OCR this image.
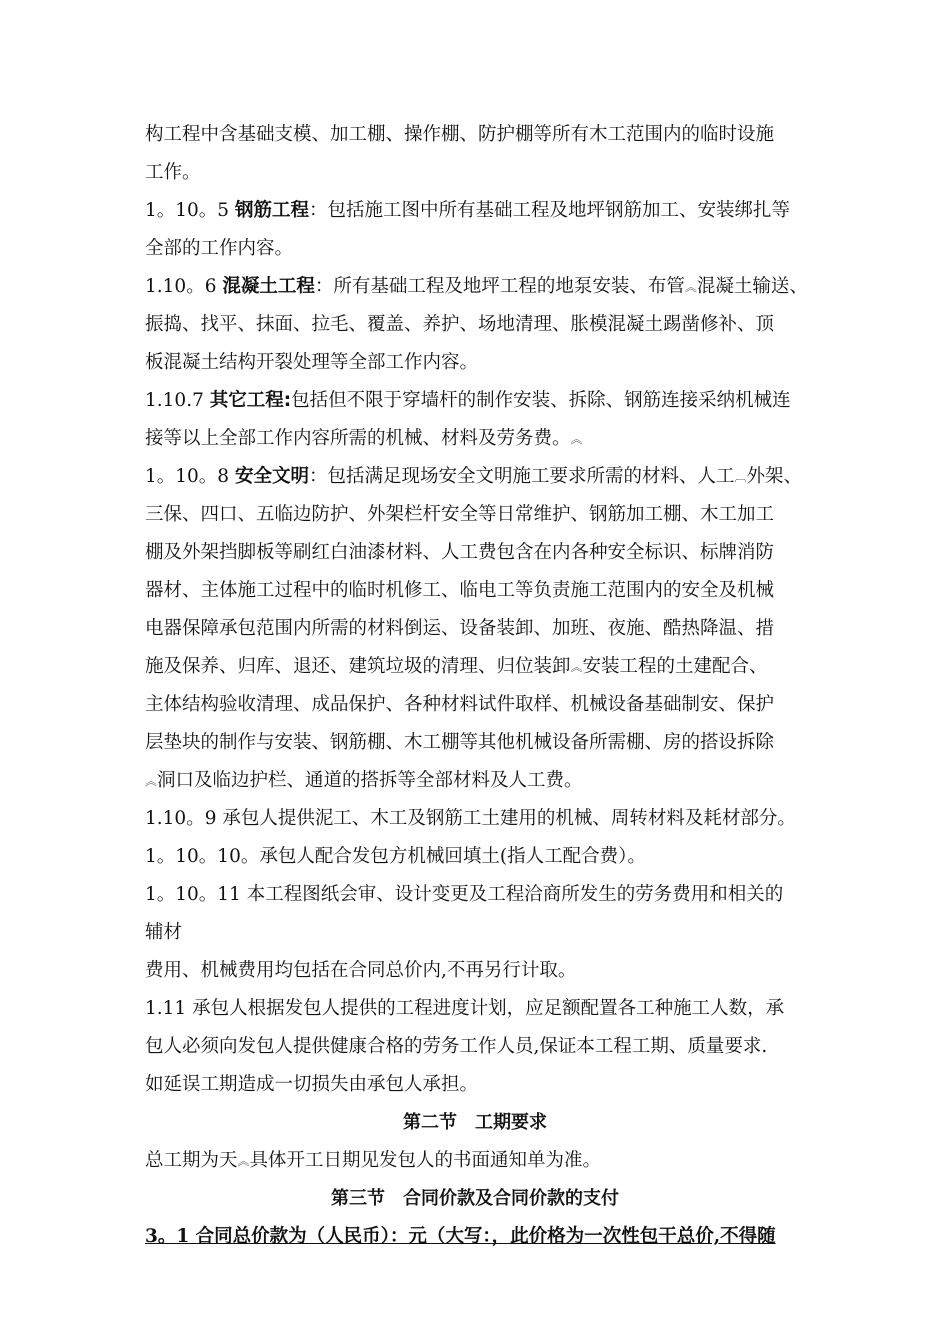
构工程中含基础支模、加工棚、操作棚、防护棚等所有木工范围内的临时设施
工作。
1。10。5 钢筋工程：包括施工图中所有基础工程及地坪钢筋加工、安装绑扎等
全部的工作内容。
1.10。6 混凝土工程：所有基础工程及地坪工程的地泵安装、布管︽混凝土输送、
振捣、找平、抹面、拉毛、覆盖、养护、场地清理、胀模混凝土踢凿修补、顶
板混凝土结构开裂处理等全部工作内容。
1.10.7 其它工程:包括但不限于穿墙杆的制作安装、拆除、钢筋连接采纳机械连
接等以上全部工作内容所需的机械、材料及劳务费。︽
1。10。8 安全文明：包括满足现场安全文明施工要求所需的材料、人工︹外架、
三保、四口、五临边防护、外架栏杆安全等日常维护、钢筋加工棚、木工加工
棚及外架挡脚板等刷红白油漆材料、人工费包含在内各种安全标识、标牌消防
器材、主体施工过程中的临时机修工、临电工等负责施工范围内的安全及机械
电器保障承包范围内所需的材料倒运、设备装卸、加班、夜施、酷热降温、措
施及保养、归库、退还、建筑垃圾的清理、归位装卸︽安装工程的土建配合、
主体结构验收清理、成品保护、各种材料试件取样、机械设备基础制安、保护
层垫块的制作与安装、钢筋棚、木工棚等其他机械设备所需棚、房的搭设拆除
︽洞口及临边护栏、通道的搭拆等全部材料及人工费。
1.10。9 承包人提供泥工、木工及钢筋工土建用的机械、周转材料及耗材部分。
1。10。10。承包人配合发包方机械回填土(指人工配合费）。
1。10。11 本工程图纸会审、设计变更及工程洽商所发生的劳务费用和相关的
辅材
费用、机械费用均包括在合同总价内,不再另行计取。
1.11 承包人根据发包人提供的工程进度计划，应足额配置各工种施工人数，承
包人必须向发包人提供健康合格的劳务工作人员,保证本工程工期、质量要求.
如延误工期造成一切损失由承包人承担。
第二节　工期要求
总工期为天︽具体开工日期见发包人的书面通知单为准。
第三节　合同价款及合同价款的支付
3。1 合同总价款为（人民币）：元（大写：，此价格为一次性包干总价,不得随
